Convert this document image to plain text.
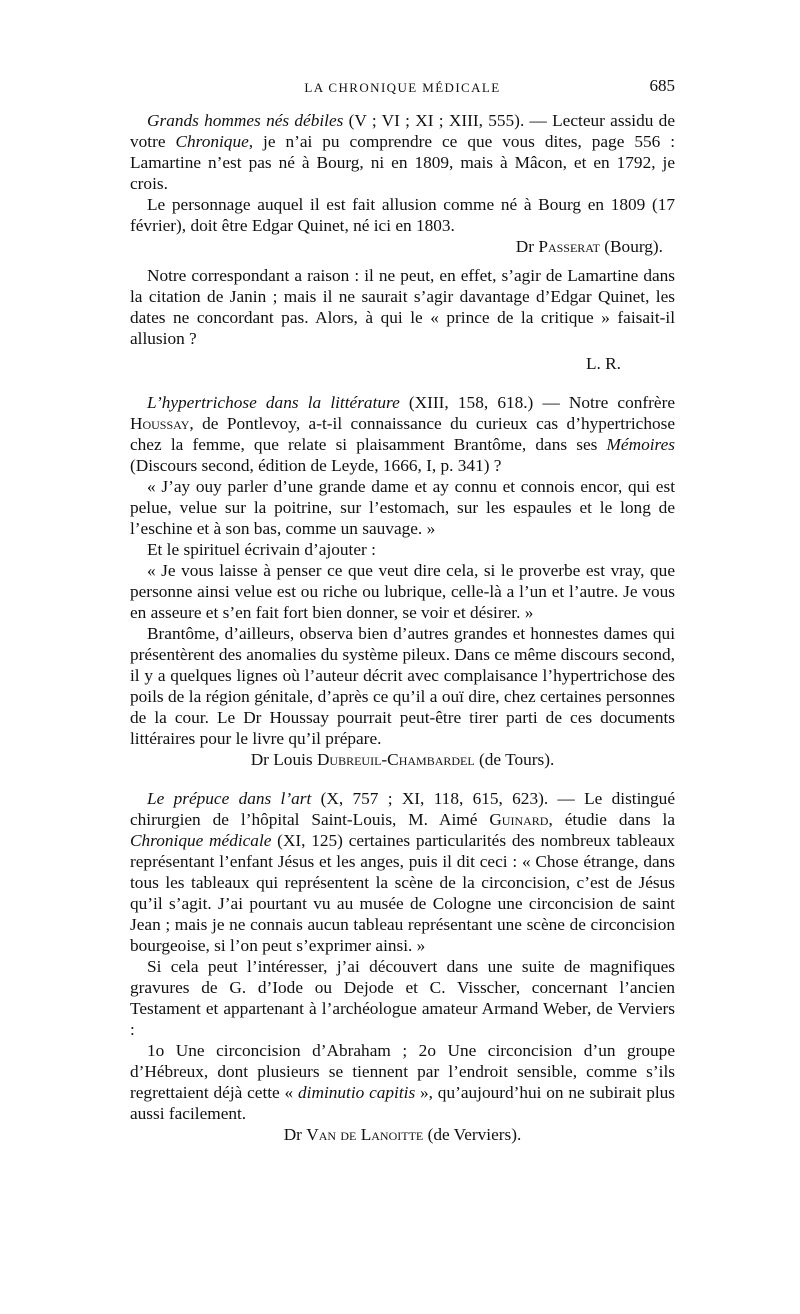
LA CHRONIQUE MÉDICALE	685

Grands hommes nés débiles (V ; VI ; XI ; XIII, 555). — Lecteur assidu de votre Chronique, je n’ai pu comprendre ce que vous dites, page 556 : Lamartine n’est pas né à Bourg, ni en 1809, mais à Mâcon, et en 1792, je crois.

Le personnage auquel il est fait allusion comme né à Bourg en 1809 (17 février), doit être Edgar Quinet, né ici en 1803.

Dr Passerat (Bourg).

Notre correspondant a raison : il ne peut, en effet, s’agir de Lamartine dans la citation de Janin ; mais il ne saurait s’agir davantage d’Edgar Quinet, les dates ne concordant pas. Alors, à qui le « prince de la critique » faisait-il allusion ?

L. R.

L’hypertrichose dans la littérature (XIII, 158, 618.) — Notre confrère Houssay, de Pontlevoy, a-t-il connaissance du curieux cas d’hypertrichose chez la femme, que relate si plaisamment Brantôme, dans ses Mémoires (Discours second, édition de Leyde, 1666, I, p. 341) ?

« J’ay ouy parler d’une grande dame et ay connu et connois encor, qui est pelue, velue sur la poitrine, sur l’estomach, sur les espaules et le long de l’eschine et à son bas, comme un sauvage. »

Et le spirituel écrivain d’ajouter :

« Je vous laisse à penser ce que veut dire cela, si le proverbe est vray, que personne ainsi velue est ou riche ou lubrique, celle-là a l’un et l’autre. Je vous en asseure et s’en fait fort bien donner, se voir et désirer. »

Brantôme, d’ailleurs, observa bien d’autres grandes et honnestes dames qui présentèrent des anomalies du système pileux. Dans ce même discours second, il y a quelques lignes où l’auteur décrit avec complaisance l’hypertrichose des poils de la région génitale, d’après ce qu’il a ouï dire, chez certaines personnes de la cour. Le Dr Houssay pourrait peut-être tirer parti de ces documents littéraires pour le livre qu’il prépare.

Dr Louis Dubreuil-Chambardel (de Tours).

Le prépuce dans l’art (X, 757 ; XI, 118, 615, 623). — Le distingué chirurgien de l’hôpital Saint-Louis, M. Aimé Guinard, étudie dans la Chronique médicale (XI, 125) certaines particularités des nombreux tableaux représentant l’enfant Jésus et les anges, puis il dit ceci : « Chose étrange, dans tous les tableaux qui représentent la scène de la circoncision, c’est de Jésus qu’il s’agit. J’ai pourtant vu au musée de Cologne une circoncision de saint Jean ; mais je ne connais aucun tableau représentant une scène de circoncision bourgeoise, si l’on peut s’exprimer ainsi. »

Si cela peut l’intéresser, j’ai découvert dans une suite de magnifiques gravures de G. d’Iode ou Dejode et C. Visscher, concernant l’ancien Testament et appartenant à l’archéologue amateur Armand Weber, de Verviers :

1o Une circoncision d’Abraham ; 2o Une circoncision d’un groupe d’Hébreux, dont plusieurs se tiennent par l’endroit sensible, comme s’ils regrettaient déjà cette « diminutio capitis », qu’aujourd’hui on ne subirait plus aussi facilement.

Dr Van de Lanoitte (de Verviers).
